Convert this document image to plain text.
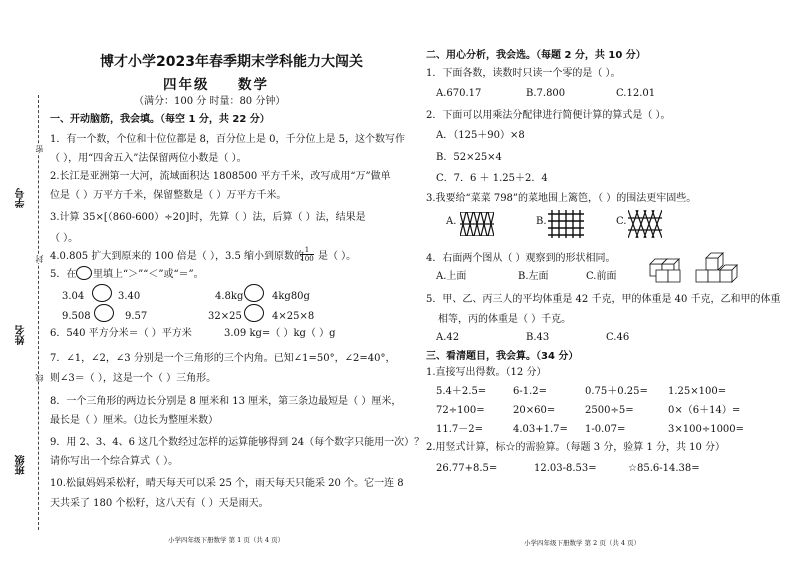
学号
姓名
班级
密
封
线
博才小学2023年春季期末学科能力大闯关
四年级 数学
（满分：100 分 时量：80 分钟）
一、开动脑筋，我会填。（每空 1 分，共 22 分）
1．有一个数，个位和十位位都是 8，百分位上是 0，千分位上是 5，这个数写作
（ ），用“四舍五入”法保留两位小数是（ ）。
2.长江是亚洲第一大河，流域面积达 1808500 平方千米，改写成用“万”做单
位是（ ）万平方千米，保留整数是（ ）万平方千米。
3.计算 35×[（860-600）÷20]时，先算（ ）法，后算（ ）法，结果是
（ ）。
4.0.805 扩大到原来的 100 倍是（ ），3.5 缩小到原数的
$\frac{1}{100}$ 是（ ）。
5．在 里填上“＞”“＜”或“＝”。
3.04	3.40	4.8kg	4kg80g
9.508	9.57	32×25	4×25×8
6．540 平方分米＝（ ）平方米	3.09 kg=（ ）kg（ ）g
7．∠1，∠2，∠3 分别是一个三角形的三个内角。已知∠1=50°，∠2=40°，
则∠3＝（ ），这是一个（ ）三角形。
8．一个三角形的两边长分别是 8 厘米和 13 厘米，第三条边最短是（ ）厘米，
最长是（ ）厘米。（边长为整厘米数）
9．用 2、3、4、6 这几个数经过怎样的运算能够得到 24（每个数字只能用一次）？
请你写出一个综合算式（ ）。
10.松鼠妈妈采松籽，晴天每天可以采 25 个，雨天每天只能采 20 个。它一连 8
天共采了 180 个松籽，这八天有（ ）天是雨天。
小学四年级下册数学 第 1 页（共 4 页）
二、用心分析，我会选。（每题 2 分，共 10 分）
1．下面各数，读数时只读一个零的是（ ）。
A.670.17	B.7.800	C.12.01
2．下面可以用乘法分配律进行简便计算的算式是（ ）。
A．（125＋90）×8
B．52×25×4
C．7．6 ＋ 1.25＋2．4
3.我要给“菜菜 798”的菜地围上篱笆，（ ）的围法更牢固些。
A.	B.	C.
4．右面两个图从（ ）观察到的形状相同。
A.上面	B.左面	C.前面
5．甲、乙、丙三人的平均体重是 42 千克，甲的体重是 40 千克，乙和甲的体重
相等，丙的体重是（ ）千克。
A.42	B.43	C.46
三、看清题目，我会算。（34 分）
1.直接写出得数。（12 分）
5.4＋2.5=	6-1.2=	0.75＋0.25= 1.25×100=
72÷100=	20×60=	2500÷5=	0×（6＋14）=
11.7－2=	4.03+1.7= 1-0.07=	3×100÷1000=
2.用竖式计算，标☆的需验算。（每题 3 分，验算 1 分，共 10 分）
26.77+8.5=	12.03-8.53=	☆85.6-14.38=
小学四年级下册数学 第 2 页（共 4 页）
